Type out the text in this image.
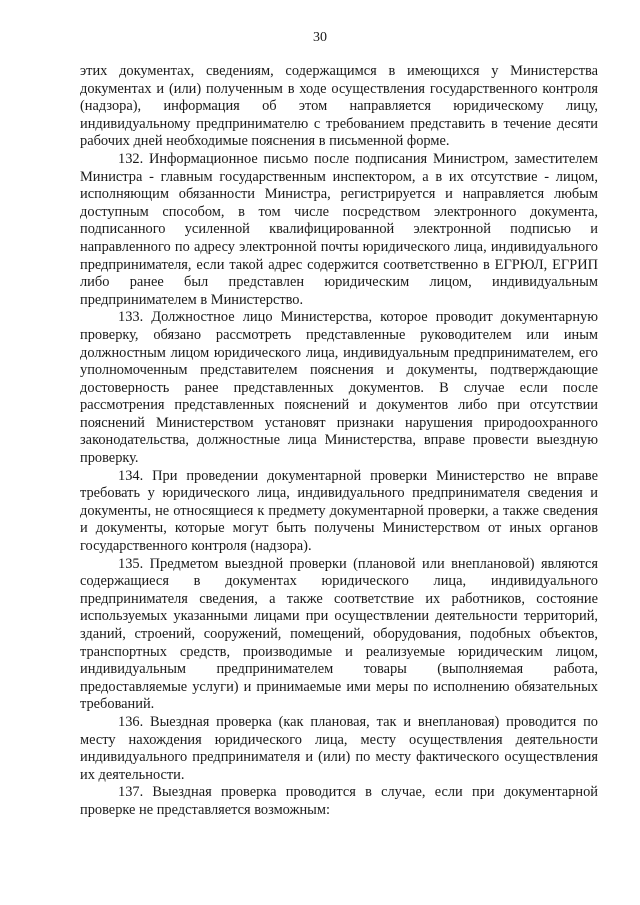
30

этих документах, сведениям, содержащимся в имеющихся у Министерства документах и (или) полученным в ходе осуществления государственного контроля (надзора), информация об этом направляется юридическому лицу, индивидуальному предпринимателю с требованием представить в течение десяти рабочих дней необходимые пояснения в письменной форме.

132. Информационное письмо после подписания Министром, заместителем Министра - главным государственным инспектором, а в их отсутствие - лицом, исполняющим обязанности Министра, регистрируется и направляется любым доступным способом, в том числе посредством электронного документа, подписанного усиленной квалифицированной электронной подписью и направленного по адресу электронной почты юридического лица, индивидуального предпринимателя, если такой адрес содержится соответственно в ЕГРЮЛ, ЕГРИП либо ранее был представлен юридическим лицом, индивидуальным предпринимателем в Министерство.

133. Должностное лицо Министерства, которое проводит документарную проверку, обязано рассмотреть представленные руководителем или иным должностным лицом юридического лица, индивидуальным предпринимателем, его уполномоченным представителем пояснения и документы, подтверждающие достоверность ранее представленных документов. В случае если после рассмотрения представленных пояснений и документов либо при отсутствии пояснений Министерством установят признаки нарушения природоохранного законодательства, должностные лица Министерства, вправе провести выездную проверку.

134. При проведении документарной проверки Министерство не вправе требовать у юридического лица, индивидуального предпринимателя сведения и документы, не относящиеся к предмету документарной проверки, а также сведения и документы, которые могут быть получены Министерством от иных органов государственного контроля (надзора).

135. Предметом выездной проверки (плановой или внеплановой) являются содержащиеся в документах юридического лица, индивидуального предпринимателя сведения, а также соответствие их работников, состояние используемых указанными лицами при осуществлении деятельности территорий, зданий, строений, сооружений, помещений, оборудования, подобных объектов, транспортных средств, производимые и реализуемые юридическим лицом, индивидуальным предпринимателем товары (выполняемая работа, предоставляемые услуги) и принимаемые ими меры по исполнению обязательных требований.

136. Выездная проверка (как плановая, так и внеплановая) проводится по месту нахождения юридического лица, месту осуществления деятельности индивидуального предпринимателя и (или) по месту фактического осуществления их деятельности.

137. Выездная проверка проводится в случае, если при документарной проверке не представляется возможным:
